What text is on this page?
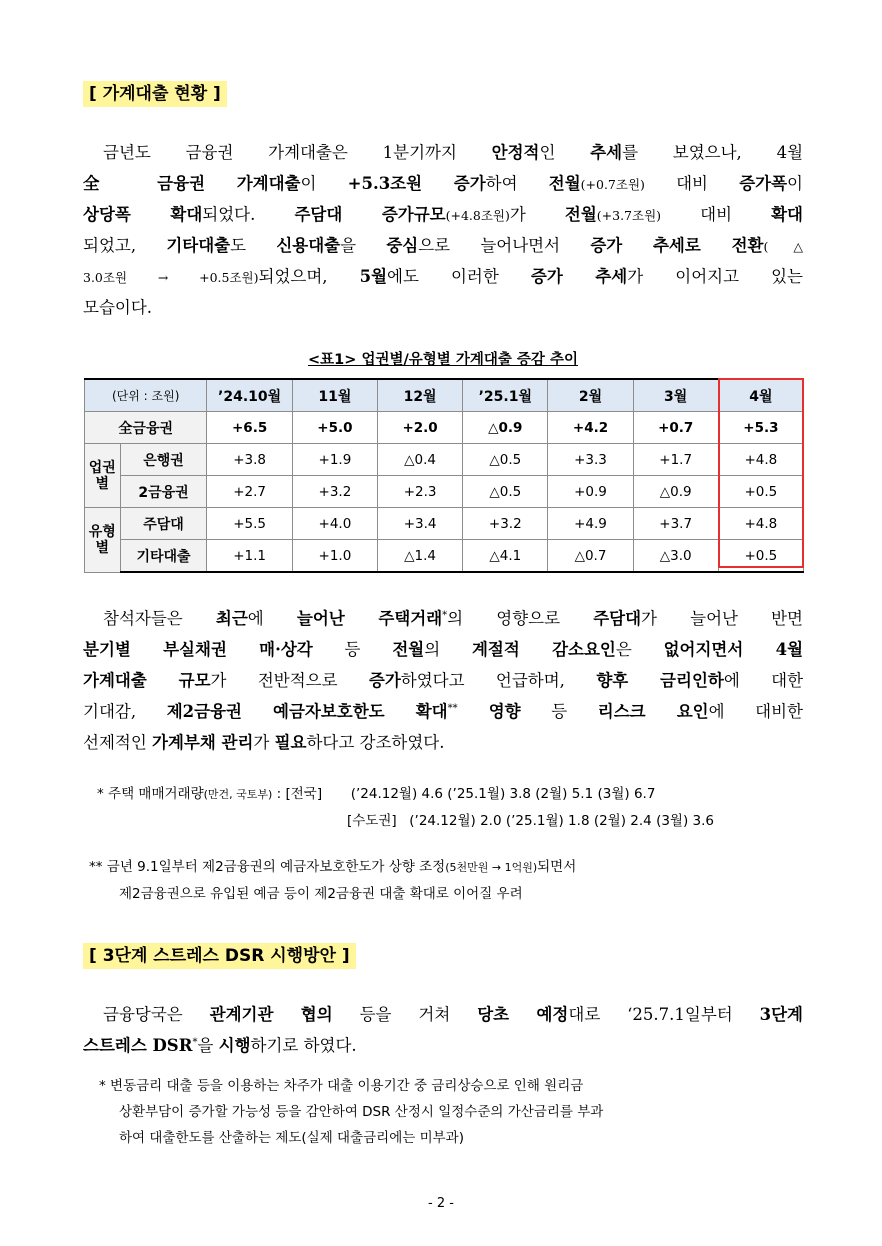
[ 가계대출 현황 ]
금년도 금융권 가계대출은 1분기까지 안정적인 추세를 보였으나, 4월
全 금융권 가계대출이 +5.3조원 증가하여 전월(+0.7조원) 대비 증가폭이
상당폭 확대되었다. 주담대 증가규모(+4.8조원)가 전월(+3.7조원) 대비 확대
되었고, 기타대출도 신용대출을 중심으로 늘어나면서 증가 추세로 전환(△
3.0조원 → +0.5조원)되었으며, 5월에도 이러한 증가 추세가 이어지고 있는
모습이다.
<표1> 업권별/유형별 가계대출 증감 추이
(단위 : 조원)		’24.10월	11월	12월	’25.1월	2월	3월	4월
全금융권		+6.5	+5.0	+2.0	△0.9	+4.2	+0.7	+5.3
업권별	은행권	+3.8	+1.9	△0.4	△0.5	+3.3	+1.7	+4.8
	2금융권	+2.7	+3.2	+2.3	△0.5	+0.9	△0.9	+0.5
유형별	주담대	+5.5	+4.0	+3.4	+3.2	+4.9	+3.7	+4.8
	기타대출	+1.1	+1.0	△1.4	△4.1	△0.7	△3.0	+0.5
참석자들은 최근에 늘어난 주택거래*의 영향으로 주담대가 늘어난 반면
분기별 부실채권 매·상각 등 전월의 계절적 감소요인은 없어지면서 4월
가계대출 규모가 전반적으로 증가하였다고 언급하며, 향후 금리인하에 대한
기대감, 제2금융권 예금자보호한도 확대** 영향 등 리스크 요인에 대비한
선제적인 가계부채 관리가 필요하다고 강조하였다.
* 주택 매매거래량(만건, 국토부) : [전국] (’24.12월) 4.6 (’25.1월) 3.8 (2월) 5.1 (3월) 6.7
[수도권] (’24.12월) 2.0 (’25.1월) 1.8 (2월) 2.4 (3월) 3.6
** 금년 9.1일부터 제2금융권의 예금자보호한도가 상향 조정(5천만원 → 1억원)되면서
제2금융권으로 유입된 예금 등이 제2금융권 대출 확대로 이어질 우려
[ 3단계 스트레스 DSR 시행방안 ]
금융당국은 관계기관 협의 등을 거쳐 당초 예정대로 ‘25.7.1일부터 3단계
스트레스 DSR*을 시행하기로 하였다.
* 변동금리 대출 등을 이용하는 차주가 대출 이용기간 중 금리상승으로 인해 원리금
상환부담이 증가할 가능성 등을 감안하여 DSR 산정시 일정수준의 가산금리를 부과
하여 대출한도를 산출하는 제도(실제 대출금리에는 미부과)
- 2 -
